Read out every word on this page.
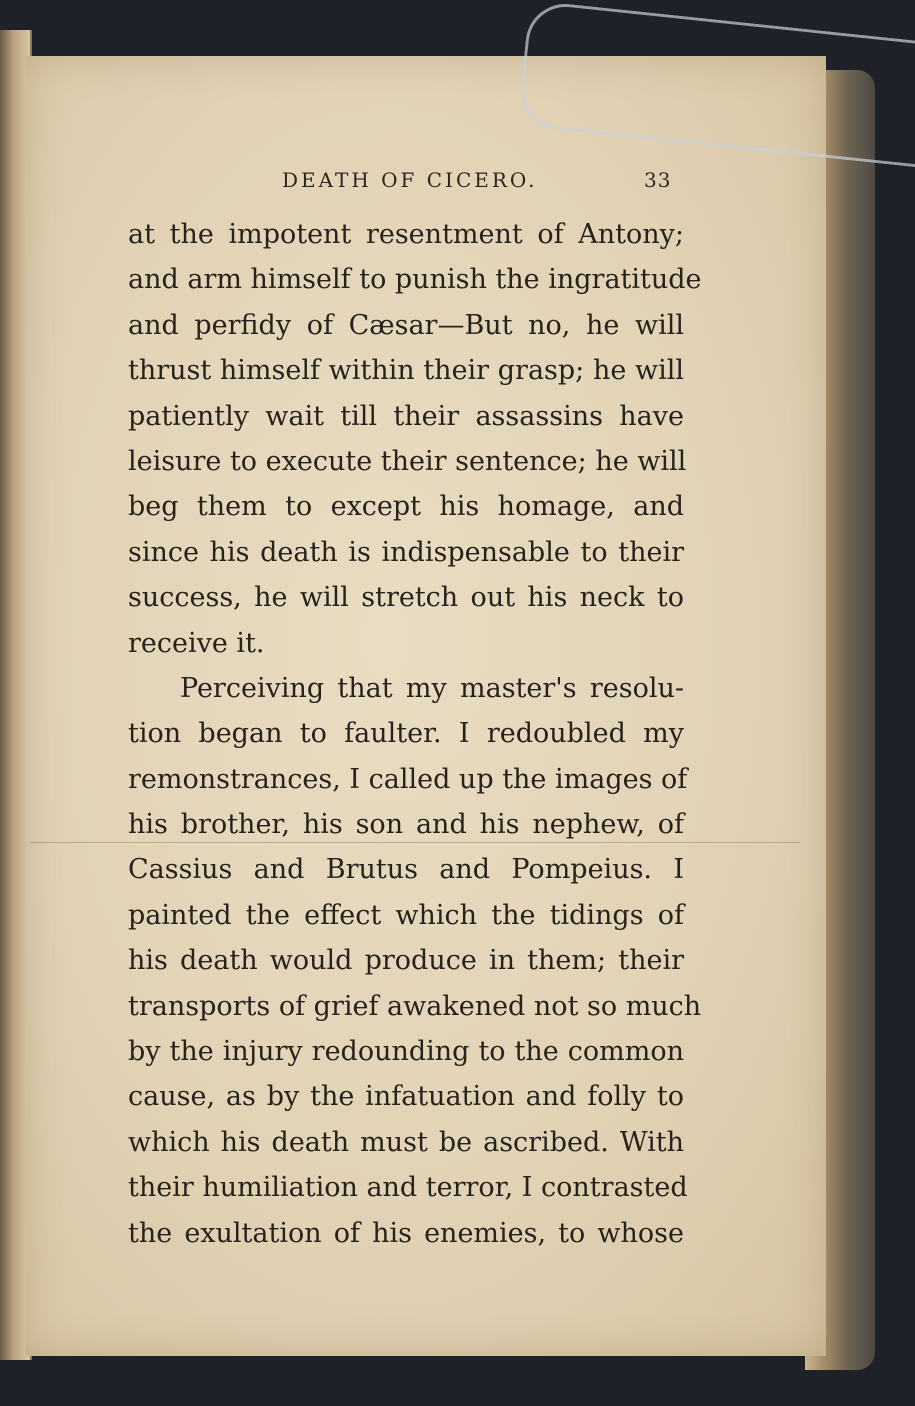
DEATH OF CICERO.	33
at the impotent resentment of Antony;
and arm himself to punish the ingratitude
and perfidy of Cæsar—But no, he will
thrust himself within their grasp; he will
patiently wait till their assassins have
leisure to execute their sentence; he will
beg them to except his homage, and
since his death is indispensable to their
success, he will stretch out his neck to
receive it.
Perceiving that my master's resolu-
tion began to faulter. I redoubled my
remonstrances, I called up the images of
his brother, his son and his nephew, of
Cassius and Brutus and Pompeius. I
painted the effect which the tidings of
his death would produce in them; their
transports of grief awakened not so much
by the injury redounding to the common
cause, as by the infatuation and folly to
which his death must be ascribed. With
their humiliation and terror, I contrasted
the exultation of his enemies, to whose
